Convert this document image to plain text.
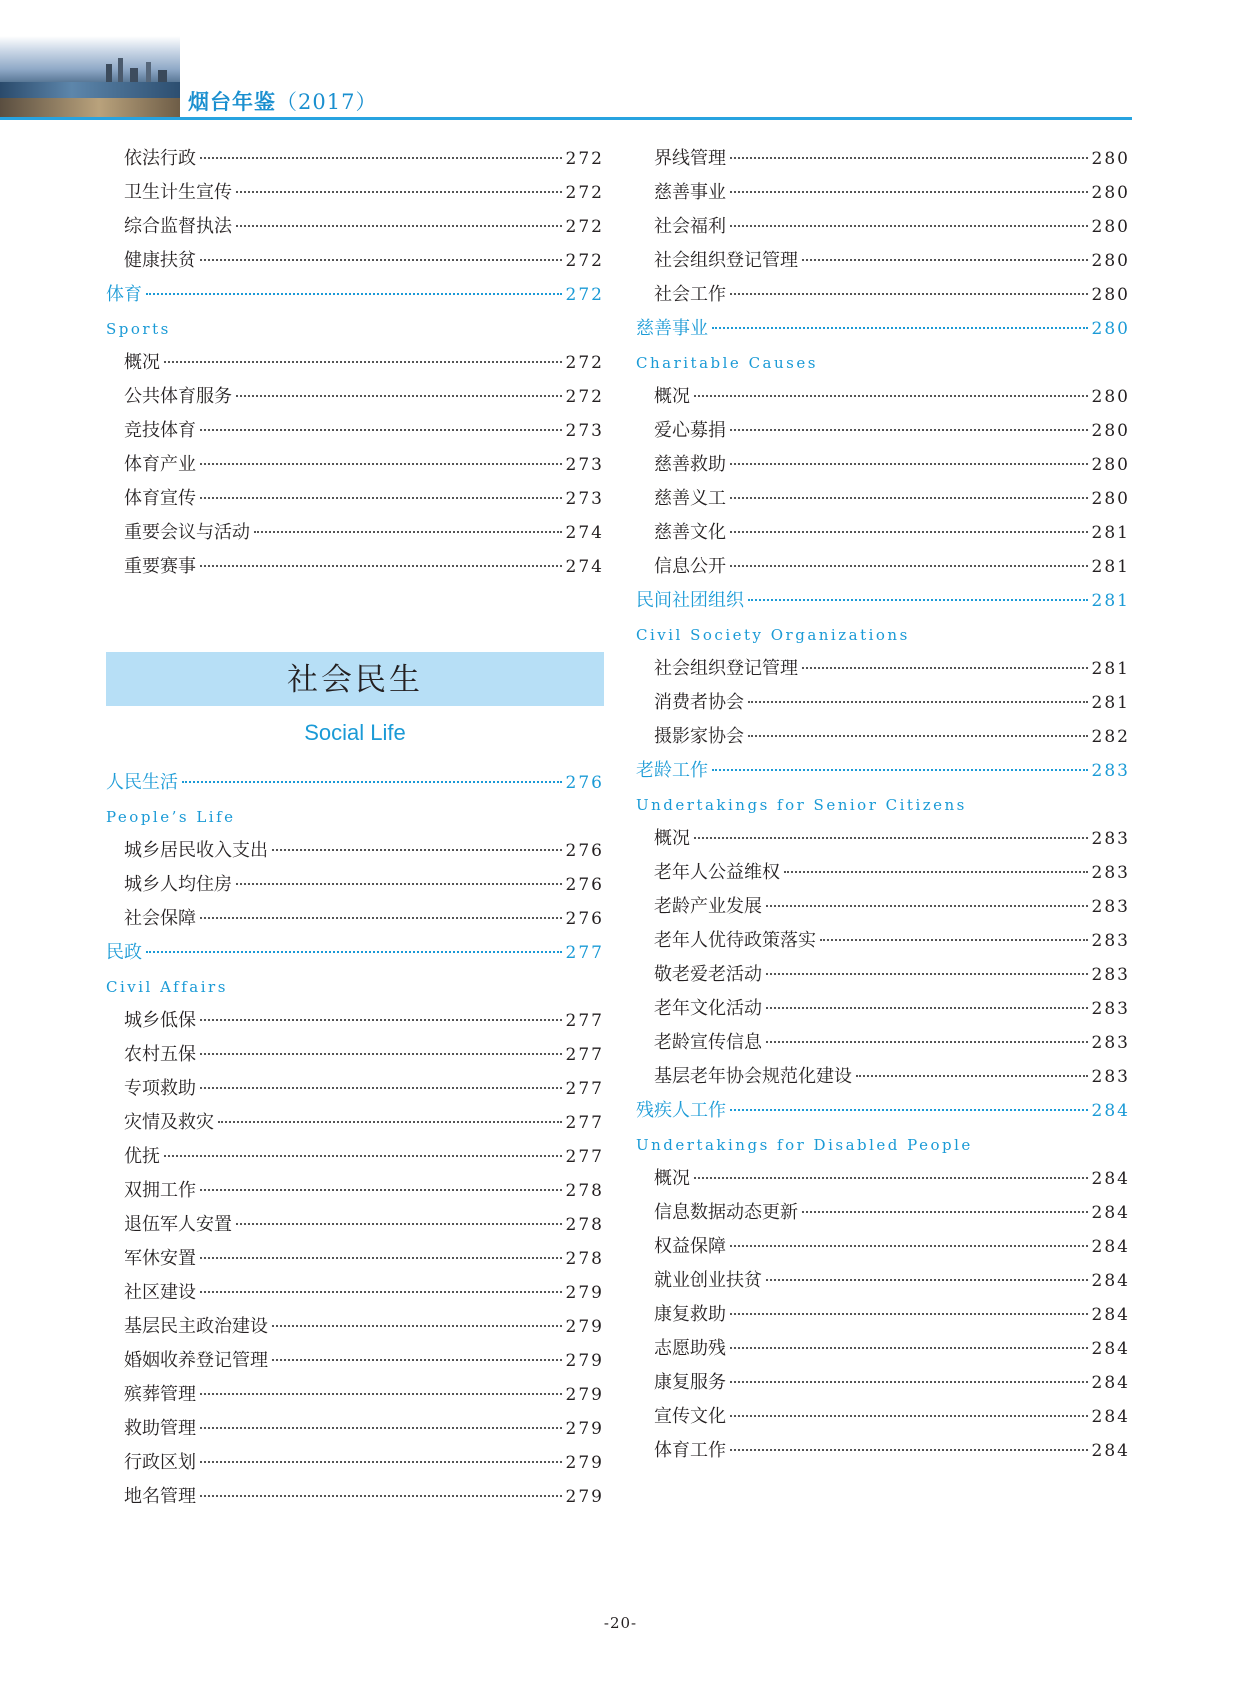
烟台年鉴（2017）
依法行政	272
卫生计生宣传	272
综合监督执法	272
健康扶贫	272
体育	272
Sports
概况	272
公共体育服务	272
竞技体育	273
体育产业	273
体育宣传	273
重要会议与活动	274
重要赛事	274
社会民生
Social Life
人民生活	276
People’s Life
城乡居民收入支出	276
城乡人均住房	276
社会保障	276
民政	277
Civil Affairs
城乡低保	277
农村五保	277
专项救助	277
灾情及救灾	277
优抚	277
双拥工作	278
退伍军人安置	278
军休安置	278
社区建设	279
基层民主政治建设	279
婚姻收养登记管理	279
殡葬管理	279
救助管理	279
行政区划	279
地名管理	279
界线管理	280
慈善事业	280
社会福利	280
社会组织登记管理	280
社会工作	280
慈善事业	280
Charitable Causes
概况	280
爱心募捐	280
慈善救助	280
慈善义工	280
慈善文化	281
信息公开	281
民间社团组织	281
Civil Society Organizations
社会组织登记管理	281
消费者协会	281
摄影家协会	282
老龄工作	283
Undertakings for Senior Citizens
概况	283
老年人公益维权	283
老龄产业发展	283
老年人优待政策落实	283
敬老爱老活动	283
老年文化活动	283
老龄宣传信息	283
基层老年协会规范化建设	283
残疾人工作	284
Undertakings for Disabled People
概况	284
信息数据动态更新	284
权益保障	284
就业创业扶贫	284
康复救助	284
志愿助残	284
康复服务	284
宣传文化	284
体育工作	284
-20-
